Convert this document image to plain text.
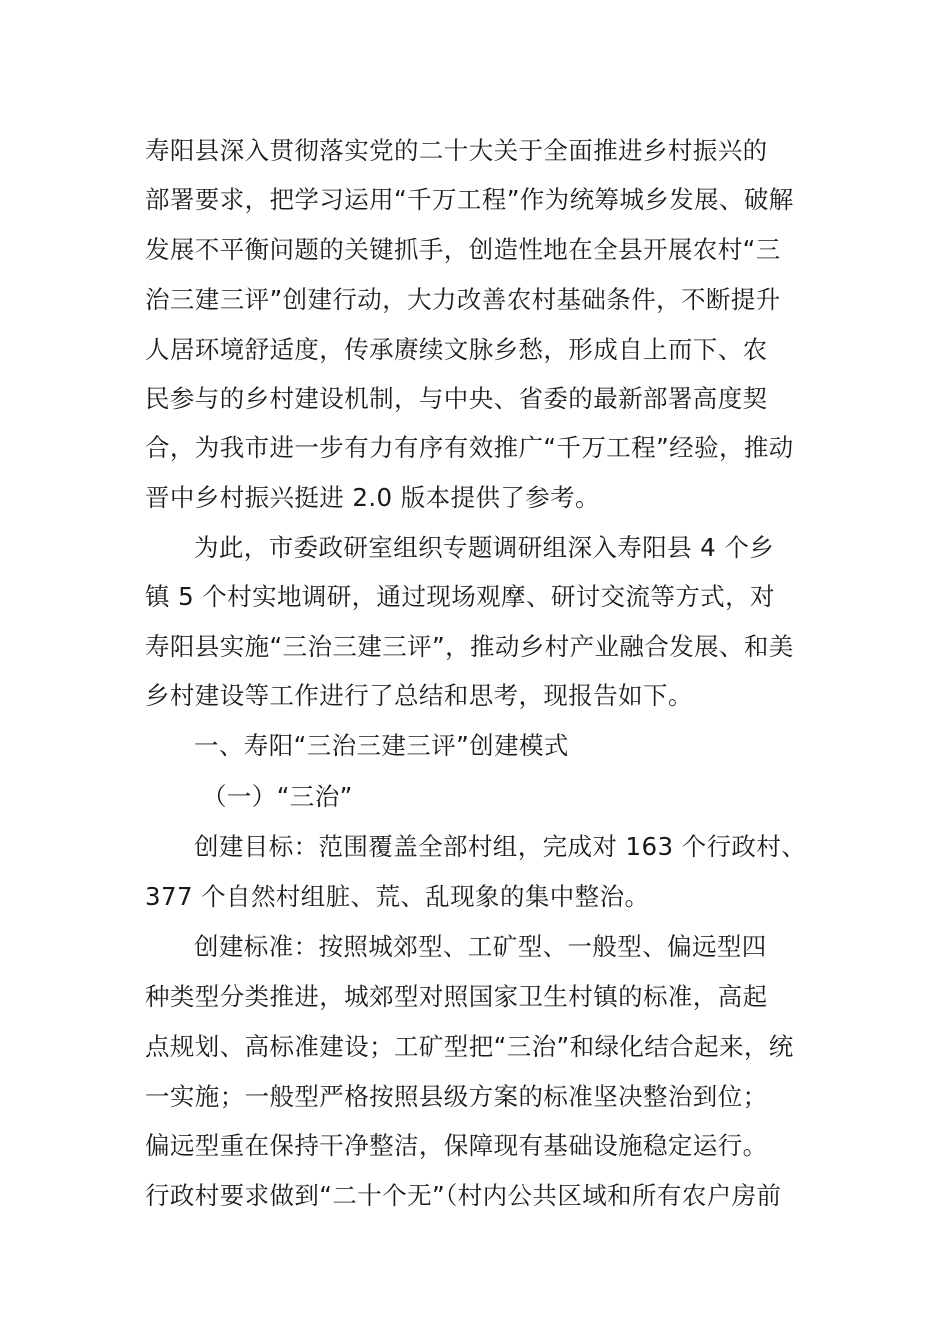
寿阳县深入贯彻落实党的二十大关于全面推进乡村振兴的
部署要求，把学习运用“千万工程”作为统筹城乡发展、破解
发展不平衡问题的关键抓手，创造性地在全县开展农村“三
治三建三评”创建行动，大力改善农村基础条件，不断提升
人居环境舒适度，传承赓续文脉乡愁，形成自上而下、农
民参与的乡村建设机制，与中央、省委的最新部署高度契
合，为我市进一步有力有序有效推广“千万工程”经验，推动
晋中乡村振兴挺进 2.0 版本提供了参考。
为此，市委政研室组织专题调研组深入寿阳县 4 个乡
镇 5 个村实地调研，通过现场观摩、研讨交流等方式，对
寿阳县实施“三治三建三评”，推动乡村产业融合发展、和美
乡村建设等工作进行了总结和思考，现报告如下。
一、寿阳“三治三建三评”创建模式
（一）“三治”
创建目标：范围覆盖全部村组，完成对 163 个行政村、
377 个自然村组脏、荒、乱现象的集中整治。
创建标准：按照城郊型、工矿型、一般型、偏远型四
种类型分类推进，城郊型对照国家卫生村镇的标准，高起
点规划、高标准建设；工矿型把“三治”和绿化结合起来，统
一实施；一般型严格按照县级方案的标准坚决整治到位；
偏远型重在保持干净整洁，保障现有基础设施稳定运行。
行政村要求做到“二十个无”（村内公共区域和所有农户房前
